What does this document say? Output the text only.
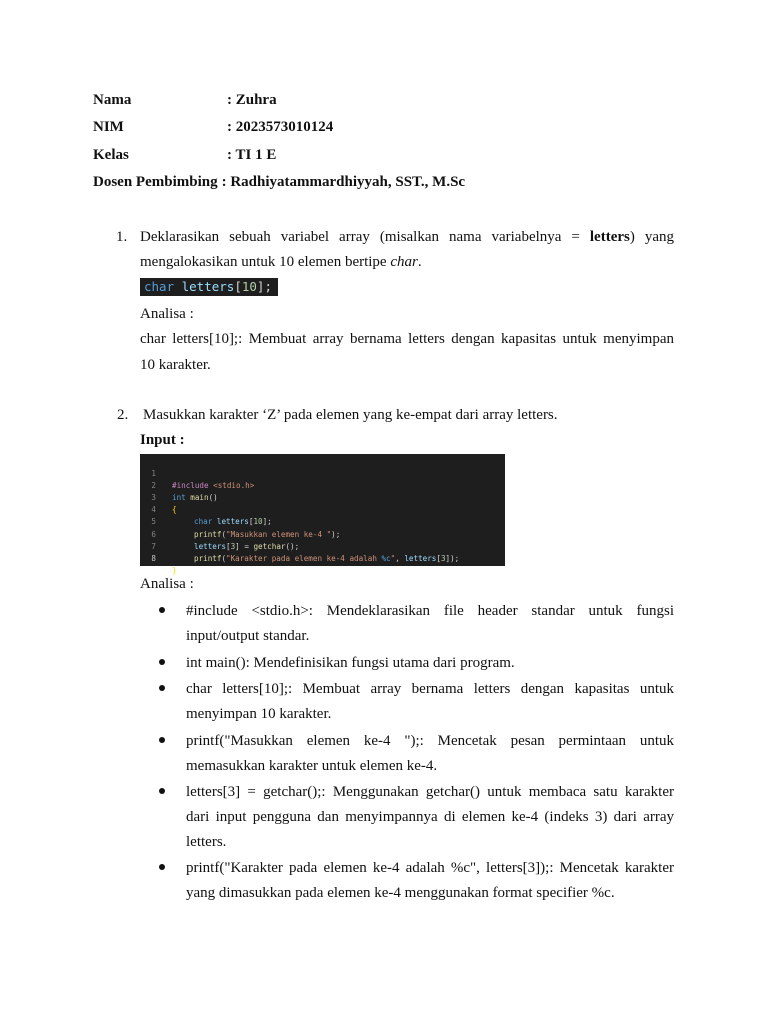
Nama	: Zuhra
NIM	: 2023573010124
Kelas	: TI 1 E
Dosen Pembimbing : Radhiyatammardhiyyah, SST., M.Sc
1. Deklarasikan sebuah variabel array (misalkan nama variabelnya = letters) yang
mengalokasikan untuk 10 elemen bertipe char.
char letters[10];
Analisa :
char letters[10];: Membuat array bernama letters dengan kapasitas untuk menyimpan
10 karakter.
2. Masukkan karakter ‘Z’ pada elemen yang ke-empat dari array letters.
Input :

1

#include <stdio.h>

2

int main()

3

{

4

char letters[10];

5

printf("Masukkan elemen ke-4 ");

6

letters[3] = getchar();

7

printf("Karakter pada elemen ke-4 adalah %c", letters[3]);

8

}

Analisa :
#include <stdio.h>: Mendeklarasikan file header standar untuk fungsi
input/output standar.
int main(): Mendefinisikan fungsi utama dari program.
char letters[10];: Membuat array bernama letters dengan kapasitas untuk
menyimpan 10 karakter.
printf("Masukkan elemen ke-4 ");: Mencetak pesan permintaan untuk
memasukkan karakter untuk elemen ke-4.
letters[3] = getchar();: Menggunakan getchar() untuk membaca satu karakter
dari input pengguna dan menyimpannya di elemen ke-4 (indeks 3) dari array
letters.
printf("Karakter pada elemen ke-4 adalah %c", letters[3]);: Mencetak karakter
yang dimasukkan pada elemen ke-4 menggunakan format specifier %c.
